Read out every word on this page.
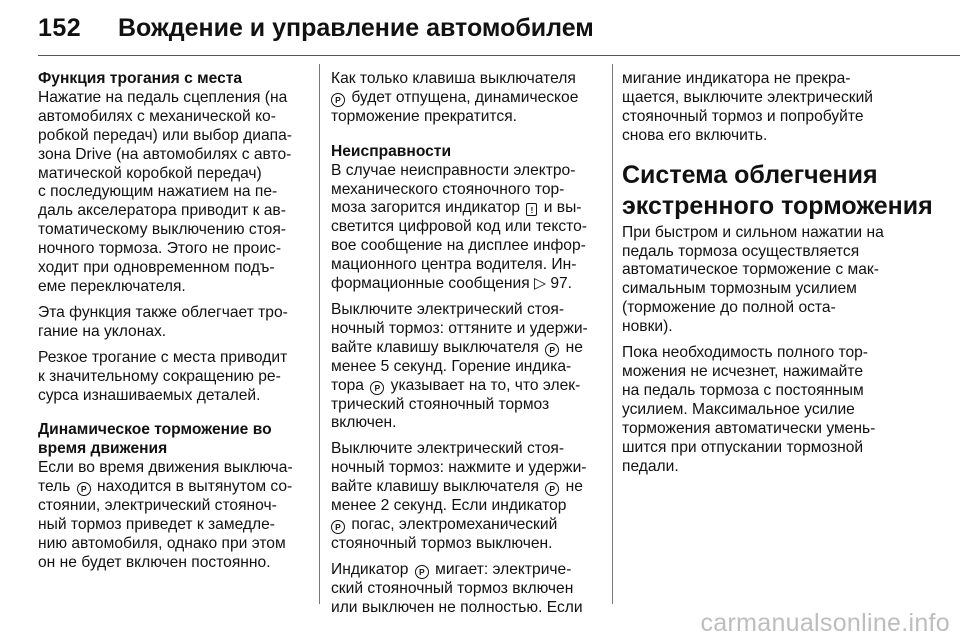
152 Вождение и управление автомобилем
Функция трогания с места
Нажатие на педаль сцепления (на
автомобилях с механической ко-
робкой передач) или выбор диапа-
зона Drive (на автомобилях с авто-
матической коробкой передач)
с последующим нажатием на пе-
даль акселератора приводит к ав-
томатическому выключению стоя-
ночного тормоза. Этого не проис-
ходит при одновременном подъ-
еме переключателя.
Эта функция также облегчает тро-
гание на уклонах.
Резкое трогание с места приводит
к значительному сокращению ре-
сурса изнашиваемых деталей.
Динамическое торможение во
время движения
Если во время движения выключа-
тель P находится в вытянутом со-
стоянии, электрический стояноч-
ный тормоз приведет к замедле-
нию автомобиля, однако при этом
он не будет включен постоянно.
Как только клавиша выключателя
P будет отпущена, динамическое
торможение прекратится.
Неисправности
В случае неисправности электро-
механического стояночного тор-
моза загорится индикатор ! и вы-
светится цифровой код или тексто-
вое сообщение на дисплее инфор-
мационного центра водителя. Ин-
формационные сообщения ▷ 97.
Выключите электрический стоя-
ночный тормоз: оттяните и удержи-
вайте клавишу выключателя P не
менее 5 секунд. Горение индика-
тора P указывает на то, что элек-
трический стояночный тормоз
включен.
Выключите электрический стоя-
ночный тормоз: нажмите и удержи-
вайте клавишу выключателя P не
менее 2 секунд. Если индикатор
P погас, электромеханический
стояночный тормоз выключен.
Индикатор P мигает: электриче-
ский стояночный тормоз включен
или выключен не полностью. Если
мигание индикатора не прекра-
щается, выключите электрический
стояночный тормоз и попробуйте
снова его включить.
Система облегчения
экстренного торможения
При быстром и сильном нажатии на
педаль тормоза осуществляется
автоматическое торможение с мак-
симальным тормозным усилием
(торможение до полной оста-
новки).
Пока необходимость полного тор-
можения не исчезнет, нажимайте
на педаль тормоза с постоянным
усилием. Максимальное усилие
торможения автоматически умень-
шится при отпускании тормозной
педали.
carmanualsonline.info
